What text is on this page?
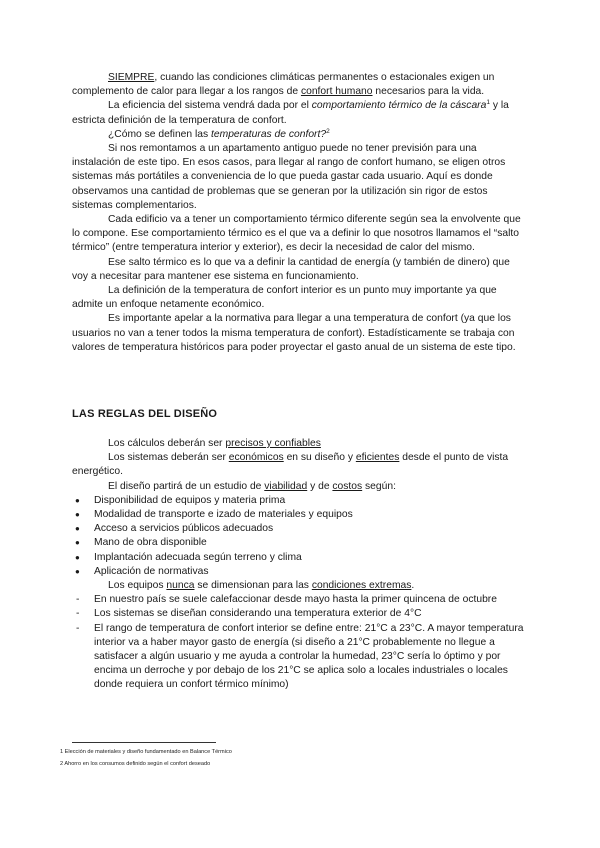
SIEMPRE, cuando las condiciones climáticas permanentes o estacionales exigen un complemento de calor para llegar a los rangos de confort humano necesarios para la vida.

La eficiencia del sistema vendrá dada por el comportamiento térmico de la cáscara$^1$ y la estricta definición de la temperatura de confort.

¿Cómo se definen las temperaturas de confort?$^2$

Si nos remontamos a un apartamento antiguo puede no tener previsión para una instalación de este tipo. En esos casos, para llegar al rango de confort humano, se eligen otros sistemas más portátiles a conveniencia de lo que pueda gastar cada usuario. Aquí es donde observamos una cantidad de problemas que se generan por la utilización sin rigor de estos sistemas complementarios.

Cada edificio va a tener un comportamiento térmico diferente según sea la envolvente que lo compone. Ese comportamiento térmico es el que va a definir lo que nosotros llamamos el “salto térmico” (entre temperatura interior y exterior), es decir la necesidad de calor del mismo.

Ese salto térmico es lo que va a definir la cantidad de energía (y también de dinero) que voy a necesitar para mantener ese sistema en funcionamiento.

La definición de la temperatura de confort interior es un punto muy importante ya que admite un enfoque netamente económico.

Es importante apelar a la normativa para llegar a una temperatura de confort (ya que los usuarios no van a tener todos la misma temperatura de confort). Estadísticamente se trabaja con valores de temperatura históricos para poder proyectar el gasto anual de un sistema de este tipo.

LAS REGLAS DEL DISEÑO

Los cálculos deberán ser precisos y confiables

Los sistemas deberán ser económicos en su diseño y eficientes desde el punto de vista energético.

El diseño partirá de un estudio de viabilidad y de costos según:

● Disponibilidad de equipos y materia prima
● Modalidad de transporte e izado de materiales y equipos
● Acceso a servicios públicos adecuados
● Mano de obra disponible
● Implantación adecuada según terreno y clima
● Aplicación de normativas

Los equipos nunca se dimensionan para las condiciones extremas.

- En nuestro país se suele calefaccionar desde mayo hasta la primer quincena de octubre
- Los sistemas se diseñan considerando una temperatura exterior de 4°C
- El rango de temperatura de confort interior se define entre: 21°C a 23°C. A mayor temperatura interior va a haber mayor gasto de energía (si diseño a 21°C probablemente no llegue a satisfacer a algún usuario y me ayuda a controlar la humedad, 23°C sería lo óptimo y por encima un derroche y por debajo de los 21°C se aplica solo a locales industriales o locales donde requiera un confort térmico mínimo)
1 Elección de materiales y diseño fundamentado en Balance Térmico
2 Ahorro en los consumos definido según el confort deseado
